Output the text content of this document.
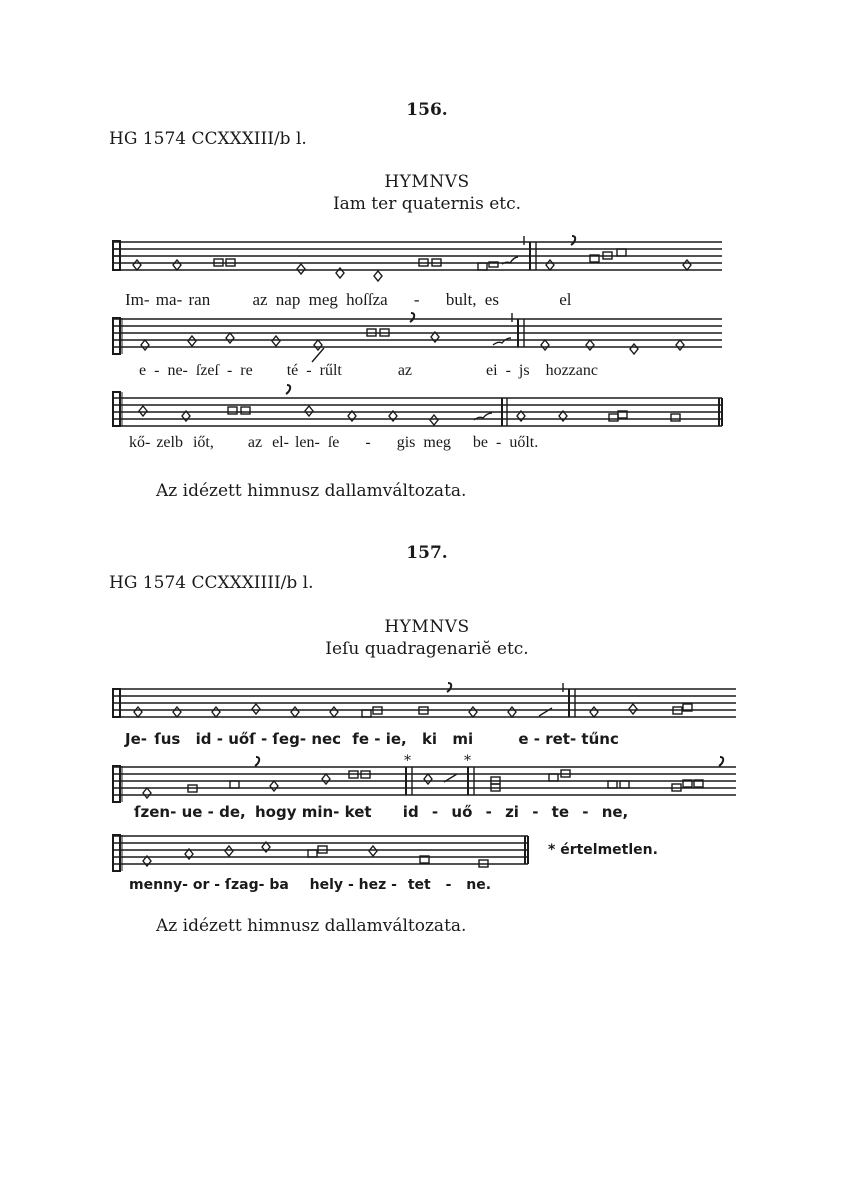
156.
HG 1574 CCXXXIII/b l.
HYMNVS
Iam ter quaternis etc.
*	*
Im- ma- ran az nap meg hoſſza - bult, es	el
e - ne- ſzeſ - re té - rűlt	az	ei - js hozzanc
kő- zelb iőt, az el- len- ſe - gis meg be - uőlt.
Az idézett himnusz dallamváltozata.
157.
HG 1574 CCXXXIIII/b l.
HYMNVS
Ieſu quadragenariĕ etc.
Je- ſus id - uőſ - ſeg- nec fe - ie, ki mi	e - ret- tűnc
ſzen- ue - de, hogy min- ket id - uő - zi - te - ne,
menny- or - ſzag- ba hely - hez - tet - ne.
* értelmetlen.
Az idézett himnusz dallamváltozata.
